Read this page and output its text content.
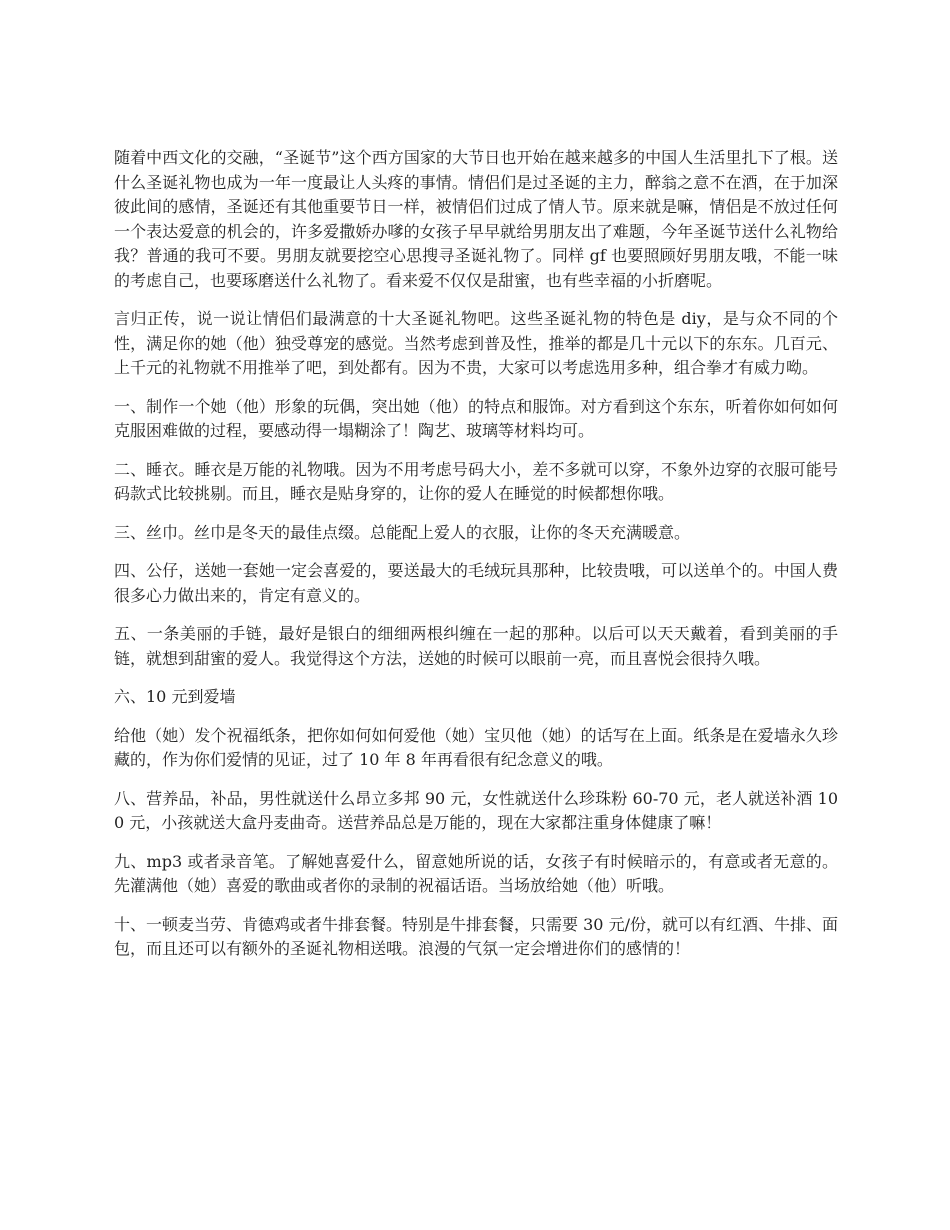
随着中西文化的交融，“圣诞节”这个西方国家的大节日也开始在越来越多的中国人生活里扎下了根。送什么圣诞礼物也成为一年一度最让人头疼的事情。情侣们是过圣诞的主力，醉翁之意不在酒，在于加深彼此间的感情，圣诞还有其他重要节日一样，被情侣们过成了情人节。原来就是嘛，情侣是不放过任何一个表达爱意的机会的，许多爱撒娇办嗲的女孩子早早就给男朋友出了难题，今年圣诞节送什么礼物给我？普通的我可不要。男朋友就要挖空心思搜寻圣诞礼物了。同样 gf 也要照顾好男朋友哦，不能一味的考虑自己，也要琢磨送什么礼物了。看来爱不仅仅是甜蜜，也有些幸福的小折磨呢。

言归正传，说一说让情侣们最满意的十大圣诞礼物吧。这些圣诞礼物的特色是 diy，是与众不同的个性，满足你的她（他）独受尊宠的感觉。当然考虑到普及性，推举的都是几十元以下的东东。几百元、上千元的礼物就不用推举了吧，到处都有。因为不贵，大家可以考虑选用多种，组合拳才有威力呦。

一、制作一个她（他）形象的玩偶，突出她（他）的特点和服饰。对方看到这个东东，听着你如何如何克服困难做的过程，要感动得一塌糊涂了！陶艺、玻璃等材料均可。

二、睡衣。睡衣是万能的礼物哦。因为不用考虑号码大小，差不多就可以穿，不象外边穿的衣服可能号码款式比较挑剔。而且，睡衣是贴身穿的，让你的爱人在睡觉的时候都想你哦。

三、丝巾。丝巾是冬天的最佳点缀。总能配上爱人的衣服，让你的冬天充满暖意。

四、公仔，送她一套她一定会喜爱的，要送最大的毛绒玩具那种，比较贵哦，可以送单个的。中国人费很多心力做出来的，肯定有意义的。

五、一条美丽的手链，最好是银白的细细两根纠缠在一起的那种。以后可以天天戴着，看到美丽的手链，就想到甜蜜的爱人。我觉得这个方法，送她的时候可以眼前一亮，而且喜悦会很持久哦。

六、10 元到爱墙

给他（她）发个祝福纸条，把你如何如何爱他（她）宝贝他（她）的话写在上面。纸条是在爱墙永久珍藏的，作为你们爱情的见证，过了 10 年 8 年再看很有纪念意义的哦。

八、营养品，补品，男性就送什么昂立多邦 90 元，女性就送什么珍珠粉 60-70 元，老人就送补酒 100 元，小孩就送大盒丹麦曲奇。送营养品总是万能的，现在大家都注重身体健康了嘛！

九、mp3 或者录音笔。了解她喜爱什么，留意她所说的话，女孩子有时候暗示的，有意或者无意的。先灌满他（她）喜爱的歌曲或者你的录制的祝福话语。当场放给她（他）听哦。

十、一顿麦当劳、肯德鸡或者牛排套餐。特别是牛排套餐，只需要 30 元/份，就可以有红酒、牛排、面包，而且还可以有额外的圣诞礼物相送哦。浪漫的气氛一定会增进你们的感情的！
